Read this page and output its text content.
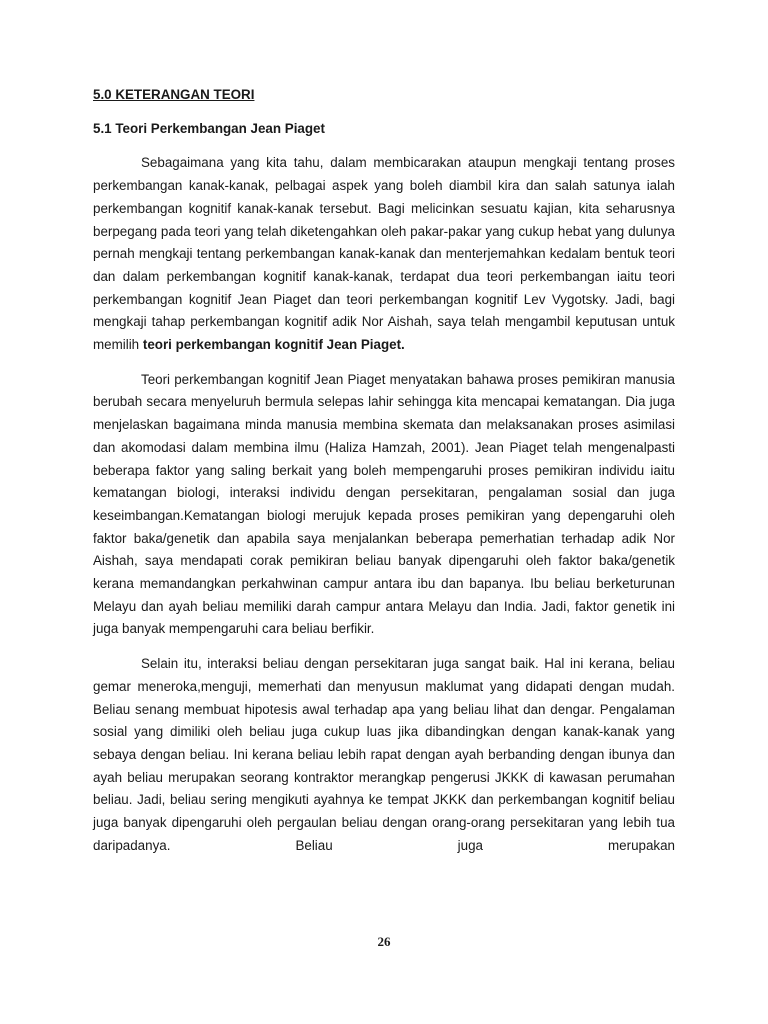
5.0 KETERANGAN TEORI

5.1 Teori Perkembangan Jean Piaget

Sebagaimana yang kita tahu, dalam membicarakan ataupun mengkaji tentang proses perkembangan kanak-kanak, pelbagai aspek yang boleh diambil kira dan salah satunya ialah perkembangan kognitif kanak-kanak tersebut. Bagi melicinkan sesuatu kajian, kita seharusnya berpegang pada teori yang telah diketengahkan oleh pakar-pakar yang cukup hebat yang dulunya pernah mengkaji tentang perkembangan kanak-kanak dan menterjemahkan kedalam bentuk teori dan dalam perkembangan kognitif kanak-kanak, terdapat dua teori perkembangan iaitu teori perkembangan kognitif Jean Piaget dan teori perkembangan kognitif Lev Vygotsky. Jadi, bagi mengkaji tahap perkembangan kognitif adik Nor Aishah, saya telah mengambil keputusan untuk memilih teori perkembangan kognitif Jean Piaget.

Teori perkembangan kognitif Jean Piaget menyatakan bahawa proses pemikiran manusia berubah secara menyeluruh bermula selepas lahir sehingga kita mencapai kematangan. Dia juga menjelaskan bagaimana minda manusia membina skemata dan melaksanakan proses asimilasi dan akomodasi dalam membina ilmu (Haliza Hamzah, 2001). Jean Piaget telah mengenalpasti beberapa faktor yang saling berkait yang boleh mempengaruhi proses pemikiran individu iaitu kematangan biologi, interaksi individu dengan persekitaran, pengalaman sosial dan juga keseimbangan.Kematangan biologi merujuk kepada proses pemikiran yang depengaruhi oleh faktor baka/genetik dan apabila saya menjalankan beberapa pemerhatian terhadap adik Nor Aishah, saya mendapati corak pemikiran beliau banyak dipengaruhi oleh faktor baka/genetik kerana memandangkan perkahwinan campur antara ibu dan bapanya. Ibu beliau berketurunan Melayu dan ayah beliau memiliki darah campur antara Melayu dan India. Jadi, faktor genetik ini juga banyak mempengaruhi cara beliau berfikir.

Selain itu, interaksi beliau dengan persekitaran juga sangat baik. Hal ini kerana, beliau gemar meneroka,menguji, memerhati dan menyusun maklumat yang didapati dengan mudah. Beliau senang membuat hipotesis awal terhadap apa yang beliau lihat dan dengar. Pengalaman sosial yang dimiliki oleh beliau juga cukup luas jika dibandingkan dengan kanak-kanak yang sebaya dengan beliau. Ini kerana beliau lebih rapat dengan ayah berbanding dengan ibunya dan ayah beliau merupakan seorang kontraktor merangkap pengerusi JKKK di kawasan perumahan beliau. Jadi, beliau sering mengikuti ayahnya ke tempat JKKK dan perkembangan kognitif beliau juga banyak dipengaruhi oleh pergaulan beliau dengan orang-orang persekitaran yang lebih tua daripadanya. Beliau juga merupakan

26
